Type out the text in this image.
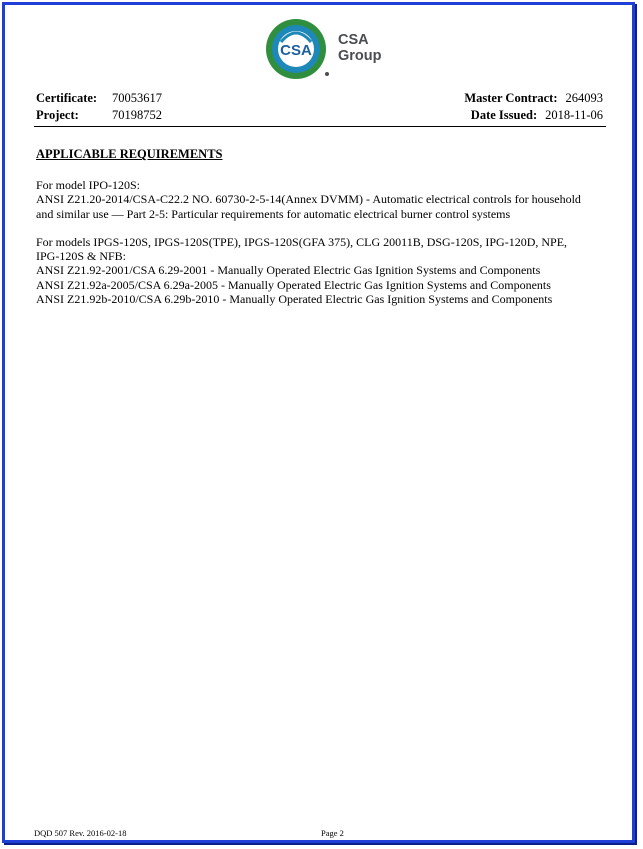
CSA
CSA
Group
Certificate: 70053617
Project:	70198752
Master Contract: 264093
Date Issued: 2018-11-06
APPLICABLE REQUIREMENTS

For model IPO-120S:

ANSI Z21.20-2014/CSA-C22.2 NO. 60730-2-5-14(Annex DVMM) - Automatic electrical controls for household

and similar use — Part 2-5: Particular requirements for automatic electrical burner control systems

For models IPGS-120S, IPGS-120S(TPE), IPGS-120S(GFA 375), CLG 20011B, DSG-120S, IPG-120D, NPE,

IPG-120S & NFB:

ANSI Z21.92-2001/CSA 6.29-2001 - Manually Operated Electric Gas Ignition Systems and Components

ANSI Z21.92a-2005/CSA 6.29a-2005 - Manually Operated Electric Gas Ignition Systems and Components

ANSI Z21.92b-2010/CSA 6.29b-2010 - Manually Operated Electric Gas Ignition Systems and Components

DQD 507 Rev. 2016-02-18	Page 2
